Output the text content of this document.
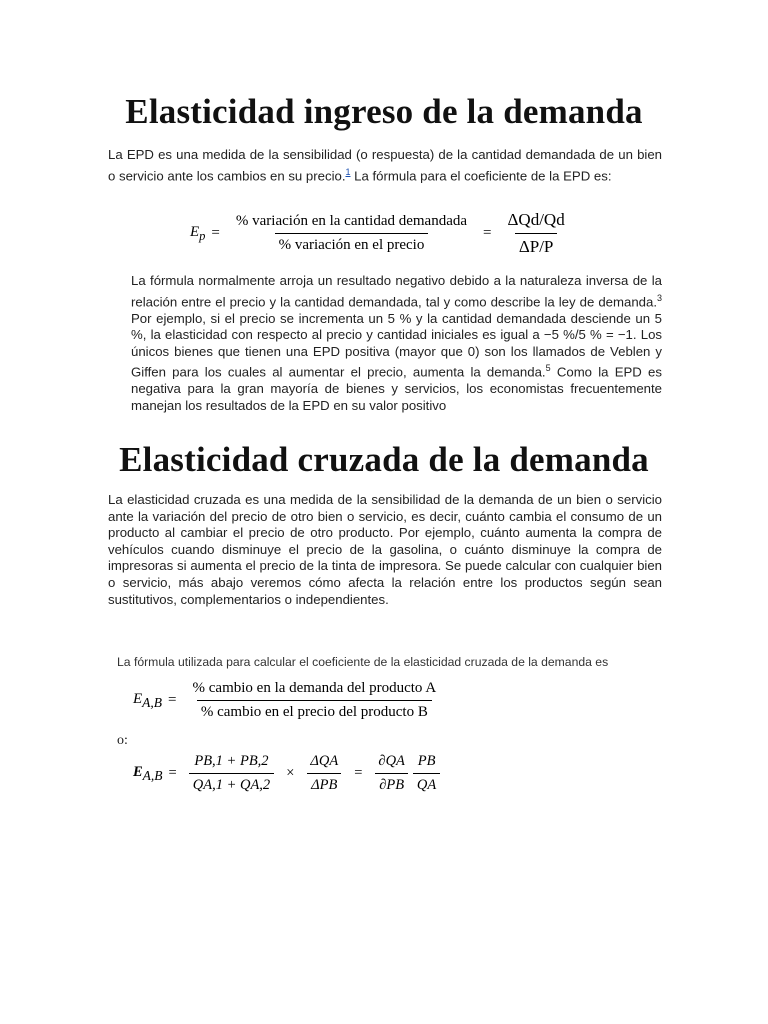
Elasticidad ingreso de la demanda
La EPD es una medida de la sensibilidad (o respuesta) de la cantidad demandada de un bien o servicio ante los cambios en su precio.$^1$ La fórmula para el coeficiente de la EPD es:
$E_p = \frac{\text{\% variación en la cantidad demandada}}{\text{\% variación en el precio}} = \frac{\text{ΔQd/Qd}}{\Delta P/P}$
La fórmula normalmente arroja un resultado negativo debido a la naturaleza inversa de la relación entre el precio y la cantidad demandada, tal y como describe la ley de demanda.$^3$ Por ejemplo, si el precio se incrementa un 5 % y la cantidad demandada desciende un 5 %, la elasticidad con respecto al precio y cantidad iniciales es igual a −5 %/5 % = −1. Los únicos bienes que tienen una EPD positiva (mayor que 0) son los llamados de Veblen y Giffen para los cuales al aumentar el precio, aumenta la demanda.$^5$ Como la EPD es negativa para la gran mayoría de bienes y servicios, los economistas frecuentemente manejan los resultados de la EPD en su valor positivo
Elasticidad cruzada de la demanda
La elasticidad cruzada es una medida de la sensibilidad de la demanda de un bien o servicio ante la variación del precio de otro bien o servicio, es decir, cuánto cambia el consumo de un producto al cambiar el precio de otro producto. Por ejemplo, cuánto aumenta la compra de vehículos cuando disminuye el precio de la gasolina, o cuánto disminuye la compra de impresoras si aumenta el precio de la tinta de impresora. Se puede calcular con cualquier bien o servicio, más abajo veremos cómo afecta la relación entre los productos según sean sustitutivos, complementarios o independientes.
La fórmula utilizada para calcular el coeficiente de la elasticidad cruzada de la demanda es
$E_{A,B} = \frac{\text{\% cambio en la demanda del producto A}}{\text{\% cambio en el precio del producto B}}$
o:
$E_{A,B} = \frac{PB,1 + PB,2}{QA,1 + QA,2} \times \frac{\text{ΔQA}}{\text{ΔPB}} = \frac{\partial QA}{\partial PB} \frac{PB}{QA}$
